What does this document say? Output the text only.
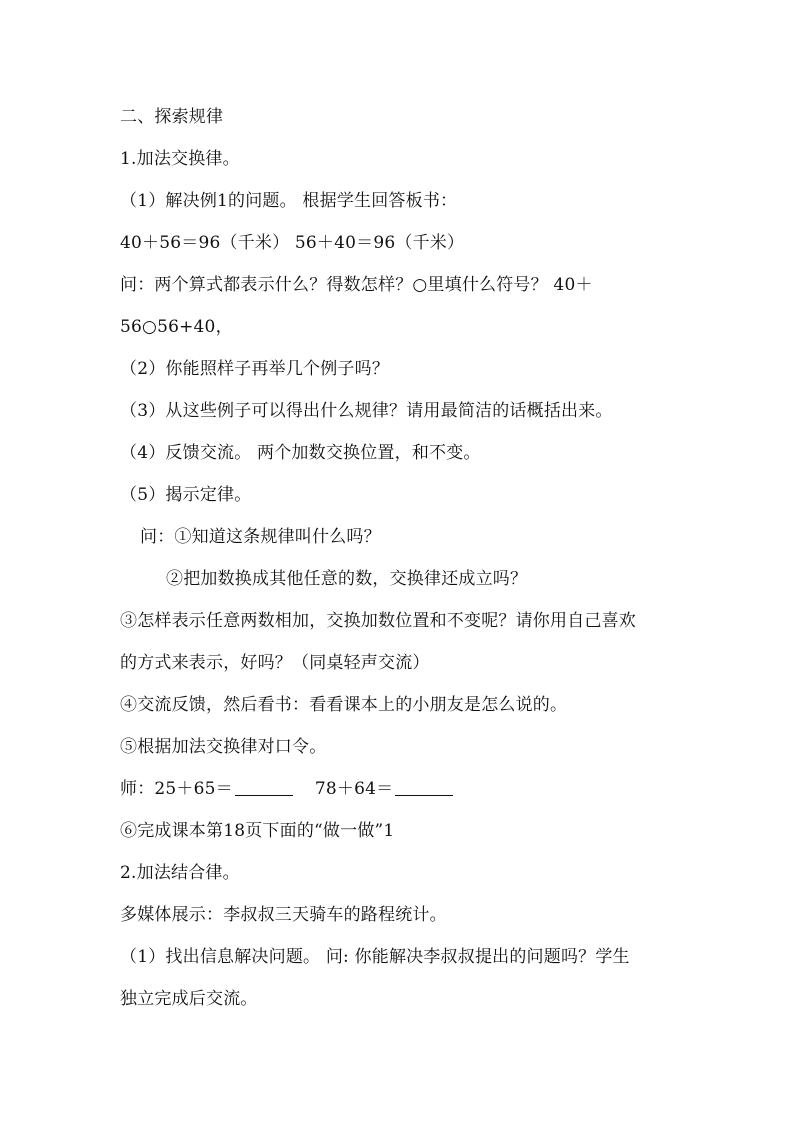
二、探索规律
1.加法交换律。
（1）解决例1的问题。 根据学生回答板书：
40＋56＝96（千米） 56＋40＝96（千米）
问：两个算式都表示什么？得数怎样？○里填什么符号？ 40＋
56○56+40，
（2）你能照样子再举几个例子吗？
（3）从这些例子可以得出什么规律？请用最简洁的话概括出来。
（4）反馈交流。 两个加数交换位置，和不变。
（5）揭示定律。
问：①知道这条规律叫什么吗？
②把加数换成其他任意的数，交换律还成立吗？
③怎样表示任意两数相加，交换加数位置和不变呢？请你用自己喜欢
的方式来表示，好吗？（同桌轻声交流）
④交流反馈，然后看书：看看课本上的小朋友是怎么说的。
⑤根据加法交换律对口令。
师：25＋65＝	78＋64＝
⑥完成课本第18页下面的“做一做”1
2.加法结合律。
多媒体展示：李叔叔三天骑车的路程统计。
（1）找出信息解决问题。 问: 你能解决李叔叔提出的问题吗？学生
独立完成后交流。
